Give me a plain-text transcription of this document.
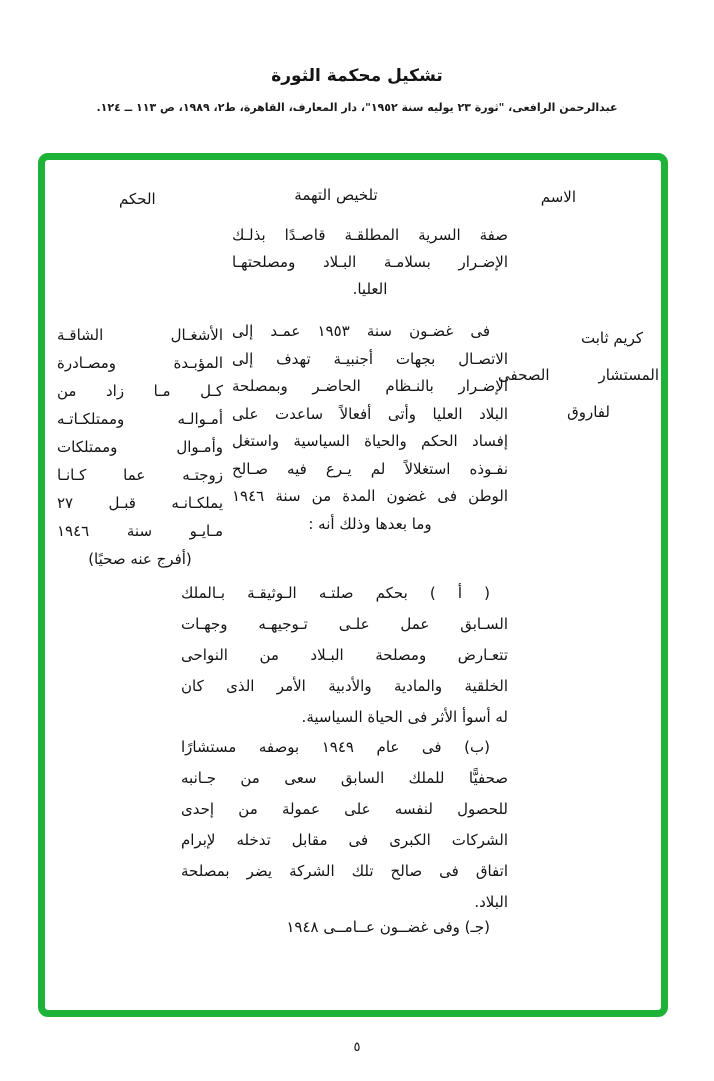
تشكيل محكمة الثورة
عبدالرحمن الرافعى، "ثورة ٢٣ يوليه سنة ١٩٥٢"، دار المعارف، القاهرة، ط٢، ١٩٨٩، ص ١١٣ ــ ١٢٤.
الاسم
تلخيص التهمة
الحكم
صفة السرية المطلقـة قاصـدًا بذلـك
الإضـرار بسلامـة البـلاد ومصلحتهـا
العليا.
كريم ثابت
المستشار الصحفى
لفاروق
فى غضـون سنة ١٩٥٣ عمـد إلى
الاتصـال بجهات أجنبيـة تهدف إلى
الإضـرار بالنـظام الحاضـر وبمصلحة
البلاد العليا وأتى أفعالاً ساعدت على
إفساد الحكم والحياة السياسية واستغل
نفـوذه استغلالاً لم يـرع فيه صـالح
الوطن فى غضون المدة من سنة ١٩٤٦
وما بعدها وذلك أنه :
الأشغـال الشاقـة
المؤبـدة ومصـادرة
كـل مـا زاد من
أمـوالـه وممتلكـاتـه
وأمـوال وممتلكات
زوجتـه عما كـانـا
يملكـانـه قبـل ٢٧
مـايـو سنة ١٩٤٦
(أفرج عنه صحيًا)
( أ ) بحكم صلتـه الـوثيقـة بـالملك
السـابق عمل علـى تـوجيهـه وجهـات
تتعـارض ومصلحة البـلاد من النواحى
الخلقية والمادية والأدبية الأمر الذى كان
له أسوأ الأثر فى الحياة السياسية.
(ب) فى عام ١٩٤٩ بوصفه مستشارًا
صحفيًّا للملك السابق سعى من جـانبه
للحصول لنفسه على عمولة من إحدى
الشركات الكبرى فى مقابل تدخله لإبرام
اتفاق فى صالح تلك الشركة يضر بمصلحة
البلاد.
(جـ) وفى غضــون عــامــى ١٩٤٨
٥
